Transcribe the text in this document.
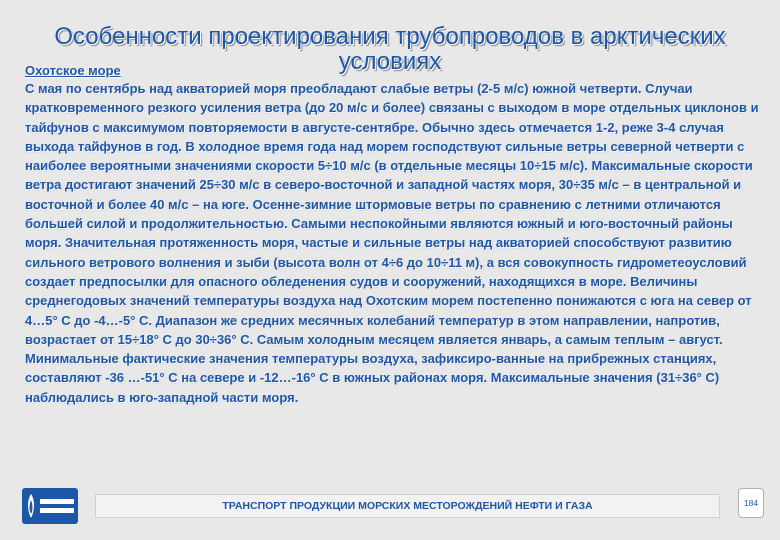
Особенности проектирования трубопроводов в арктических условиях
Охотское море
С мая по сентябрь над акваторией моря преобладают слабые ветры (2-5 м/с) южной четверти. Случаи кратковременного резкого усиления ветра (до 20 м/с и более) связаны с выходом в море отдельных циклонов и тайфунов с максимумом повторяемости в августе-сентябре. Обычно здесь отмечается 1-2, реже 3-4 случая выхода тайфунов в год. В холодное время года над морем господствуют сильные ветры северной четверти с наиболее вероятными значениями скорости 5÷10 м/с (в отдельные месяцы 10÷15 м/с). Максимальные скорости ветра достигают значений 25÷30 м/с в северо-восточной и западной частях моря, 30÷35 м/с – в центральной и восточной и более 40 м/с – на юге. Осенне-зимние штормовые ветры по сравнению с летними отличаются большей силой и продолжительностью. Самыми неспокойными являются южный и юго-восточный районы моря. Значительная протяженность моря, частые и сильные ветры над акваторией способствуют развитию сильного ветрового волнения и зыби (высота волн от 4÷6 до 10÷11 м), а вся совокупность гидрометеоусловий создает предпосылки для опасного обледенения судов и сооружений, находящихся в море. Величины среднегодовых значений температуры воздуха над Охотским морем постепенно понижаются с юга на север от 4…5° С до -4…-5° С. Диапазон же средних месячных колебаний температур в этом направлении, напротив, возрастает от 15÷18° С до 30÷36° С. Самым холодным месяцем является январь, а самым теплым – август. Минимальные фактические значения температуры воздуха, зафиксиро-ванные на прибрежных станциях, составляют -36 …-51° С на севере и -12…-16° С в южных районах моря. Максимальные значения (31÷36° С) наблюдались в юго-западной части моря.
ТРАНСПОРТ ПРОДУКЦИИ МОРСКИХ МЕСТОРОЖДЕНИЙ НЕФТИ И ГАЗА	184
